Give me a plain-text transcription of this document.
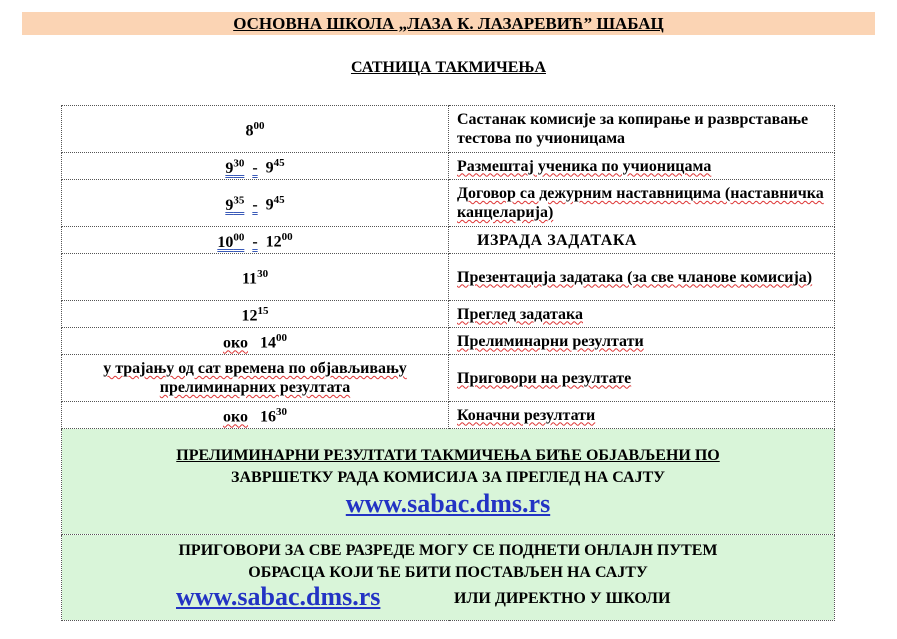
ОСНОВНА ШКОЛА „ЛАЗА К. ЛАЗАРЕВИЋ” ШАБАЦ
САТНИЦА ТАКМИЧЕЊА
$8^{00}$	Састанак комисије за копирање и разврставање тестова по учионицама
$9^{30} - 9^{45}$	Размештај ученика по учионицама
$9^{35} - 9^{45}$	Договор са дежурним наставницима (наставничка канцеларија)
$10^{00} - 12^{00}$	ИЗРАДА ЗАДАТАКА
$11^{30}$	Презентација задатака (за све чланове комисија)
$12^{15}$	Преглед задатака
око $14^{00}$	Прелиминарни резултати
у трајању од сат времена по објављивању прелиминарних резултата	Приговори на резултате
око $16^{30}$	Коначни резултати

ПРЕЛИМИНАРНИ РЕЗУЛТАТИ ТАКМИЧЕЊА БИЋЕ ОБЈАВЉЕНИ ПО
ЗАВРШЕТКУ РАДА КОМИСИЈА ЗА ПРЕГЛЕД НА САЈТУ
www.sabac.dms.rs	

ПРИГОВОРИ ЗА СВЕ РАЗРЕДЕ МОГУ СЕ ПОДНЕТИ ОНЛАЈН ПУТЕМ
ОБРАСЦА КОЈИ ЋЕ БИТИ ПОСТАВЉЕН НА САЈТУ
www.sabac.dms.rs ИЛИ ДИРЕКТНО У ШКОЛИ	
